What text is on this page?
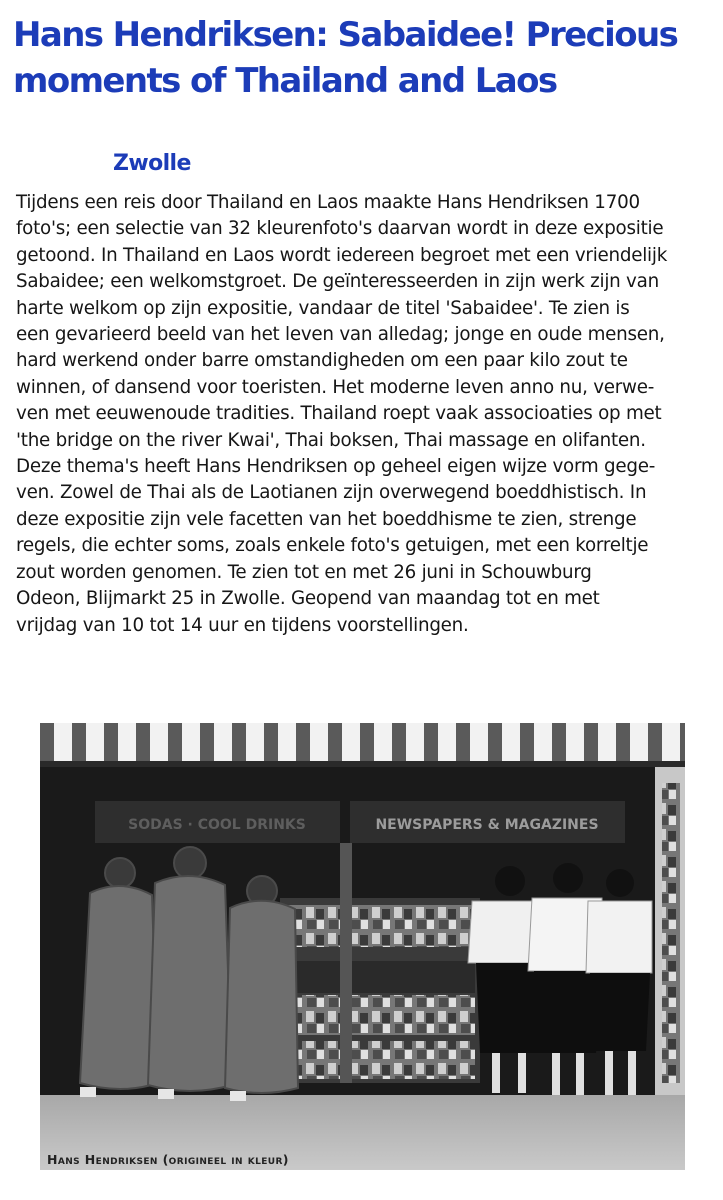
Hans Hendriksen: Sabaidee! Precious
moments of Thailand and Laos
Zwolle
Tijdens een reis door Thailand en Laos maakte Hans Hendriksen 1700
foto's; een selectie van 32 kleurenfoto's daarvan wordt in deze expositie
getoond. In Thailand en Laos wordt iedereen begroet met een vriendelijk
Sabaidee; een welkomstgroet. De geïnteresseerden in zijn werk zijn van
harte welkom op zijn expositie, vandaar de titel 'Sabaidee'. Te zien is
een gevarieerd beeld van het leven van alledag; jonge en oude mensen,
hard werkend onder barre omstandigheden om een paar kilo zout te
winnen, of dansend voor toeristen. Het moderne leven anno nu, verwe-
ven met eeuwenoude tradities. Thailand roept vaak associoaties op met
'the bridge on the river Kwai', Thai boksen, Thai massage en olifanten.
Deze thema's heeft Hans Hendriksen op geheel eigen wijze vorm gege-
ven. Zowel de Thai als de Laotianen zijn overwegend boeddhistisch. In
deze expositie zijn vele facetten van het boeddhisme te zien, strenge
regels, die echter soms, zoals enkele foto's getuigen, met een korreltje
zout worden genomen. Te zien tot en met 26 juni in Schouwburg
Odeon, Blijmarkt 25 in Zwolle. Geopend van maandag tot en met
vrijdag van 10 tot 14 uur en tijdens voorstellingen.
SODAS · COOL DRINKS	NEWSPAPERS & MAGAZINES
Hans Hendriksen (origineel in kleur)
